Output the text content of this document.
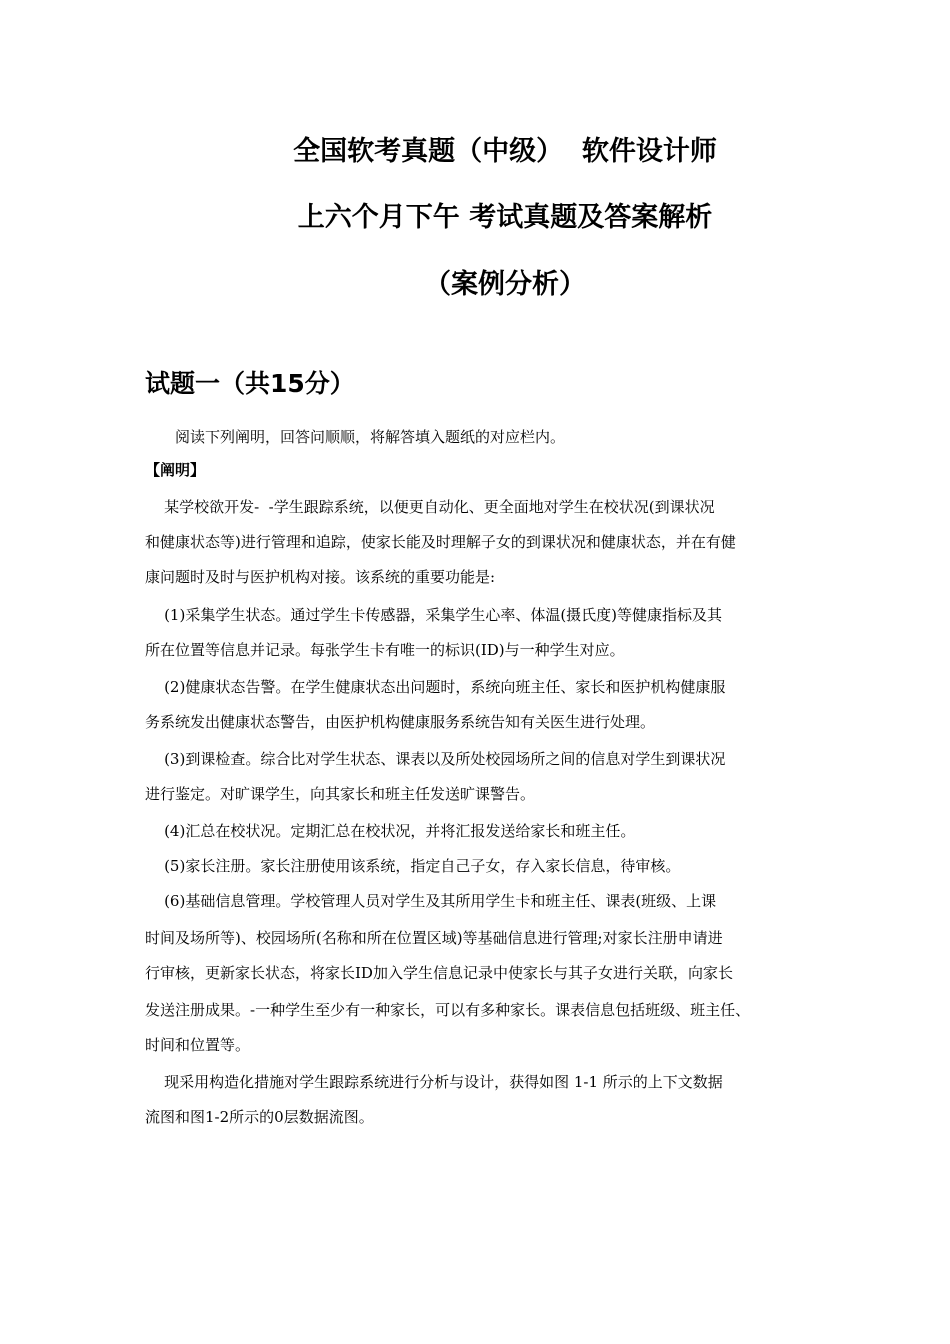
全国软考真题（中级）  软件设计师
上六个月下午 考试真题及答案解析
（案例分析）
试题一（共15分）
阅读下列阐明，回答问顺顺，将解答填入题纸的对应栏内。
【阐明】
某学校欲开发-  -学生跟踪系统，以便更自动化、更全面地对学生在校状况(到课状况
和健康状态等)进行管理和追踪，使家长能及时理解子女的到课状况和健康状态，并在有健
康问题时及时与医护机构对接。该系统的重要功能是:
(1)采集学生状态。通过学生卡传感器，采集学生心率、体温(摄氏度)等健康指标及其
所在位置等信息并记录。每张学生卡有唯一的标识(ID)与一种学生对应。
(2)健康状态告警。在学生健康状态出问题时，系统向班主任、家长和医护机构健康服
务系统发出健康状态警告，由医护机构健康服务系统告知有关医生进行处理。
(3)到课检查。综合比对学生状态、课表以及所处校园场所之间的信息对学生到课状况
进行鉴定。对旷课学生，向其家长和班主任发送旷课警告。
(4)汇总在校状况。定期汇总在校状况，并将汇报发送给家长和班主任。
(5)家长注册。家长注册使用该系统，指定自己子女，存入家长信息，待审核。
(6)基础信息管理。学校管理人员对学生及其所用学生卡和班主任、课表(班级、上课
时间及场所等)、校园场所(名称和所在位置区域)等基础信息进行管理;对家长注册申请进
行审核，更新家长状态，将家长ID加入学生信息记录中使家长与其子女进行关联，向家长
发送注册成果。-一种学生至少有一种家长，可以有多种家长。课表信息包括班级、班主任、
时间和位置等。
现采用构造化措施对学生跟踪系统进行分析与设计，获得如图 1-1 所示的上下文数据
流图和图1-2所示的0层数据流图。
